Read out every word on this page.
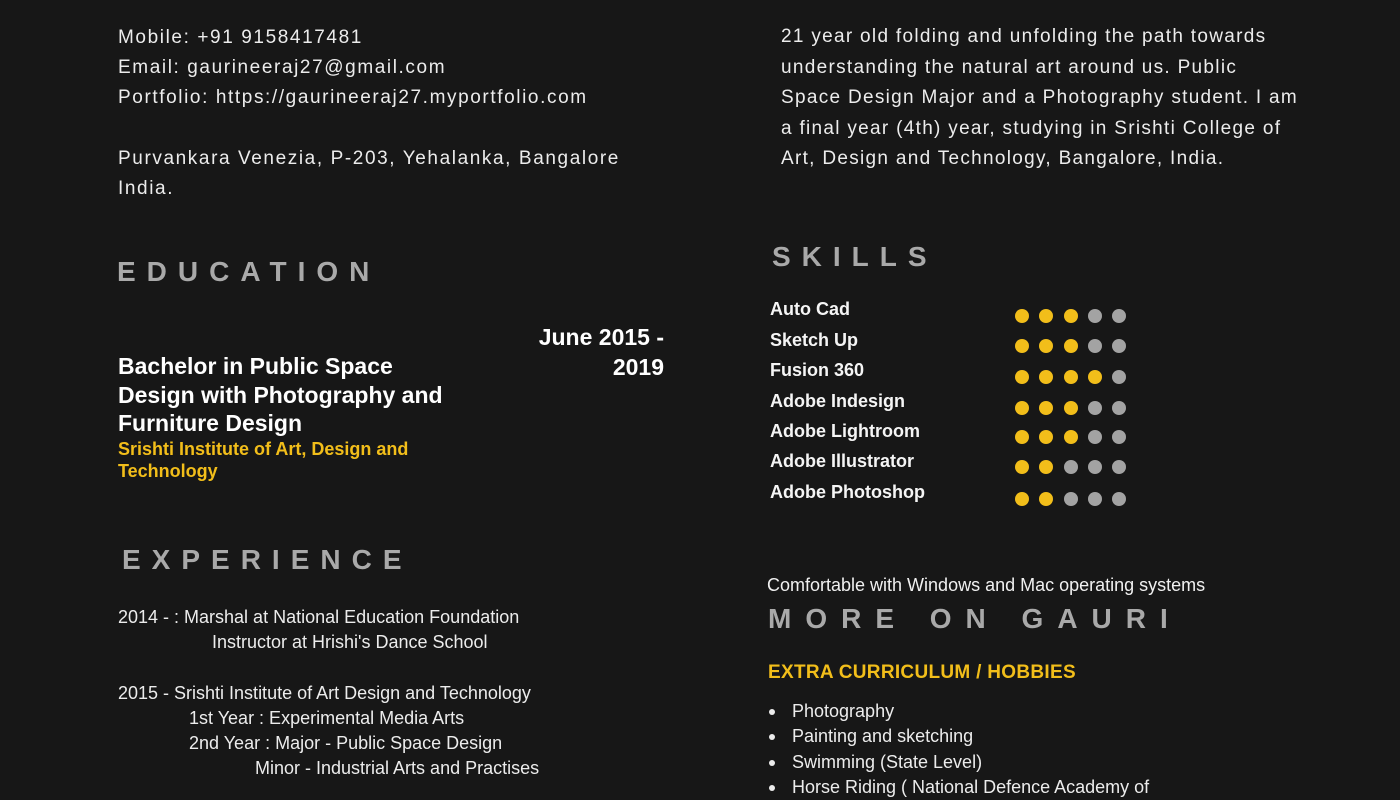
Mobile: +91 9158417481
Email: gaurineeraj27@gmail.com
Portfolio: https://gaurineeraj27.myportfolio.com
Purvankara Venezia, P-203, Yehalanka, Bangalore
India.
21 year old folding and unfolding the path towards
understanding the natural art around us. Public
Space Design Major and a Photography student. I am
a final year (4th) year, studying in Srishti College of
Art, Design and Technology, Bangalore, India.
EDUCATION
June 2015 -
2019
Bachelor in Public Space
Design with Photography and
Furniture Design
Srishti Institute of Art, Design and
Technology
EXPERIENCE
2014 - : Marshal at National Education Foundation
Instructor at Hrishi's Dance School
2015 - Srishti Institute of Art Design and Technology
1st Year : Experimental Media Arts
2nd Year : Major - Public Space Design
Minor - Industrial Arts and Practises
SKILLS
Auto Cad
Sketch Up
Fusion 360
Adobe Indesign
Adobe Lightroom
Adobe Illustrator
Adobe Photoshop
Comfortable with Windows and Mac operating systems
MORE ON GAURI
EXTRA CURRICULUM / HOBBIES
Photography
Painting and sketching
Swimming (State Level)
Horse Riding ( National Defence Academy of
